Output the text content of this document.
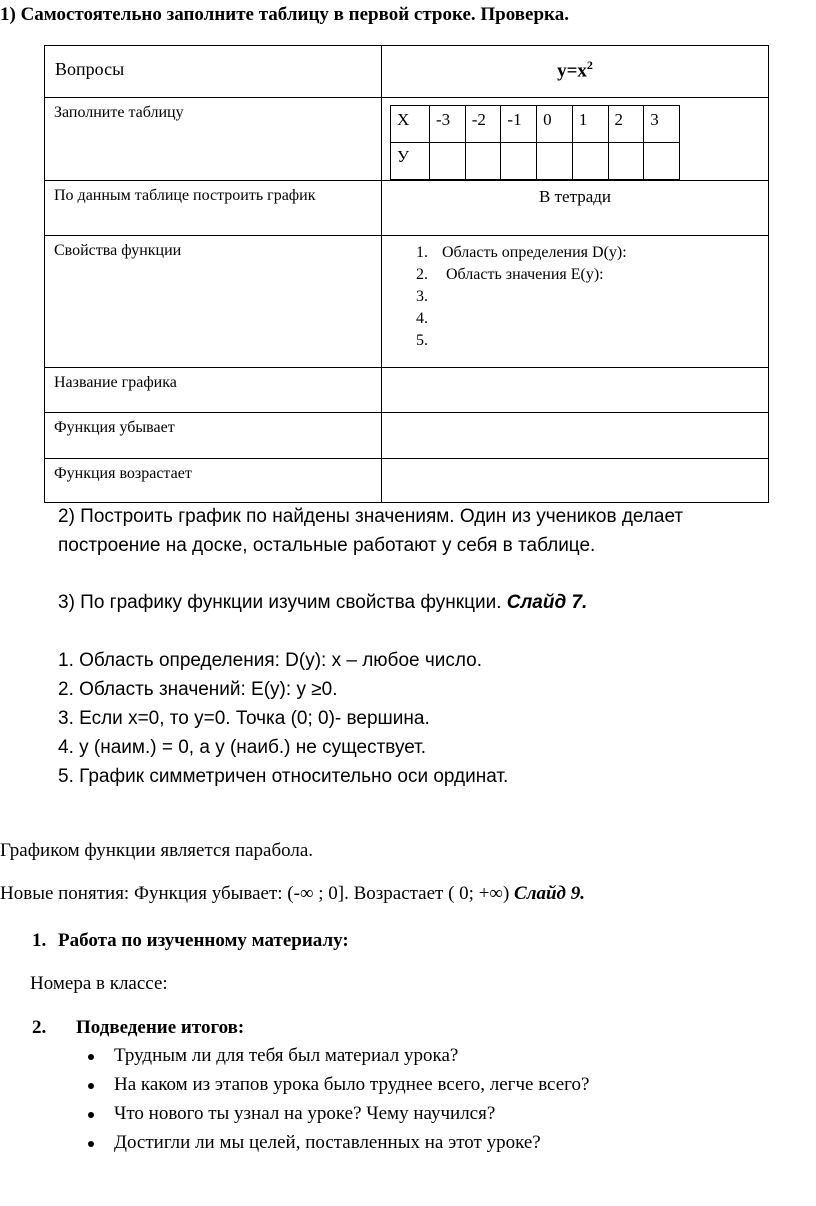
1) Самостоятельно заполните таблицу в первой строке. Проверка.
Вопросы	$y=x^2$

Заполните таблицу
		Х	-3	-2	-1	0	1	2	3
У							

По данным таблице построить график	В тетради

Свойства функции	1. Область определения D(y):
2. Область значения E(y):
3.
4.
5.

Название графика

Функция убывает

Функция возрастает

2) Построить график по найдены значениям. Один из учеников делает
построение на доске, остальные работают у себя в таблице.
3) По графику функции изучим свойства функции. Слайд 7.
1. Область определения: D(y): х – любое число.
2. Область значений: E(y): у ≥0.
3. Если х=0, то у=0. Точка (0; 0)- вершина.
4. у (наим.) = 0, а у (наиб.) не существует.
5. График симметричен относительно оси ординат.
Графиком функции является парабола.
Новые понятия: Функция убывает: (-∞ ; 0]. Возрастает ( 0; +∞) Слайд 9.
1. Работа по изученному материалу:
Номера в классе:
2. Подведение итогов:
Трудным ли для тебя был материал урока?
На каком из этапов урока было труднее всего, легче всего?
Что нового ты узнал на уроке? Чему научился?
Достигли ли мы целей, поставленных на этот уроке?
